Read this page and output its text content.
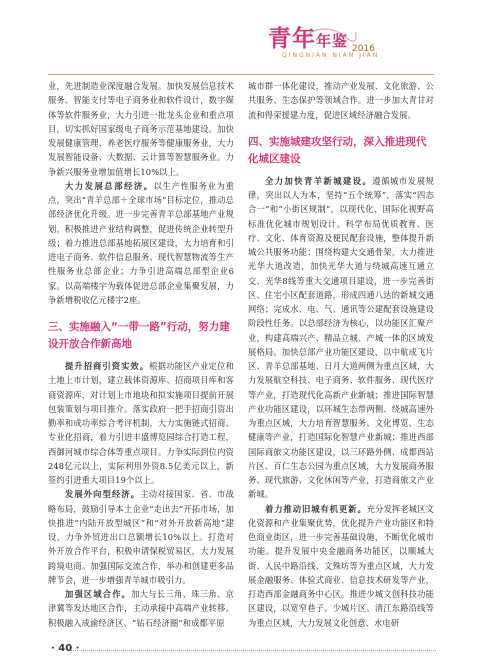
青年年鉴 2016
QINGNIAN NIAN JIAN

业，先进制造业深度融合发展。加快发展信息技术服务、智能支付等电子商务业和软件设计，数字媒体等软件服务业，大力引进一批龙头企业和重点项目，切实抓好国家级电子商务示范基地建设。加快发展健康管理、养老医疗服务等健康服务业，大力发展智能设备、大数据、云计算等智慧服务业。力争新兴服务业增加值增长10%以上。

大力发展总部经济。以生产性服务业为重点，突出“青羊总部＋全球市场”目标定位，推动总部经济优化升级。进一步完善青羊总部基地产业规划，积极推进产业结构调整，促进传统企业转型升级；着力推进总部基地拓展区建设，大力培育和引进电子商务、软件信息服务、现代智慧物流等生产性服务业总部企业；力争引进高端总部型企业6家。以高端楼宇为载体促进总部企业集聚发展，力争新增税收亿元楼宇2座。

三、实施融入“一带一路”行动，努力建设开放合作新高地

提升招商引资实效。根据功能区产业定位和土地上市计划，建立载体资源库、招商项目库和客商资源库，对计划上市地块和拟实施项目提前开展包装策划与项目推介。落实政府一把手招商引资出勤率和成功率综合考评机制，大力实施链式招商、专业化招商，着力引进丰盛博览园综合打造工程，西御河城市综合体等重点项目。力争实际到位内资248亿元以上，实际利用外资8.5亿美元以上，新签约引进重大项目19个以上。

发展外向型经济。主动对接国家、省、市战略布局，鼓励引导本土企业“走出去”开拓市场，加快推进“内陆开放型城区”和“对外开放新高地”建设，力争外贸进出口总额增长10%以上。打造对外开放合作平台，积极申请保税贸易区，大力发展跨境电商。加强国际交流合作，举办和创建更多品牌节会，进一步增强青羊城市吸引力。

加强区域合作。加大与长三角、珠三角、京津冀等发达地区合作，主动承接中高端产业转移。积极融入成渝经济区、“钻石经济圈”和成都平原

城市群一体化建设，推动产业发展、文化旅游、公共服务、生态保护等领域合作。进一步加大青甘对流和得荣援建力度，促进区域经济融合发展。

四、实施城建攻坚行动，深入推进现代化城区建设

全力加快青羊新城建设。遵循城市发展规律，突出以人为本，坚持“五个统筹”，落实“四态合一”和“小街区规制”，以现代化、国际化视野高标准优化城市规划设计。科学布局优质教育、医疗、文化、体育资源及便民配套设施，整体提升新城公共服务功能；围绕构建大交通骨架，大力推进光华大道改造，加快光华大道与绕城高速互通立交、光华8线等重大交通项目建设，进一步完善街区、住宅小区配套道路，形成四通八达的新城交通网络；完成水、电、气、通讯等公建配套设施建设阶段性任务。以总部经济为核心，以功能区汇聚产业，构建高端兴产、精品立城、产城一体的区域发展格局。加快总部产业功能区建设，以中航成飞片区、青羊总部基地、日月大道两侧为重点区域，大力发展航空科技、电子商务、软件服务、现代医疗等产业，打造现代化高新产业新城；推进国际智慧产业功能区建设，以环城生态带两侧、绕城高速外为重点区域，大力培育智慧服务、文化博览、生态健康等产业，打造国际化智慧产业新城；推进西部国际商旅文功能区建设，以三环路外侧、成都西站片区、百仁生态公园为重点区域，大力发展商务服务、现代旅游、文化休闲等产业，打造商旅文产业新城。

着力推动旧城有机更新。充分发挥老城区文化资源和产业集聚优势，优化提升产业功能区和特色商业街区，进一步完善基础设施，不断优化城市功能。提升发展中央金融商务功能区，以顺城大街、人民中路沿线、文殊坊等为重点区域，大力发展金融服务、体验式商业、信息技术研发等产业，打造西部金融商务中心区。推进少城文创科技功能区建设，以宽窄巷子、少城片区、清江东路沿线等为重点区域，大力发展文化创意、水电研

· 40 ·
